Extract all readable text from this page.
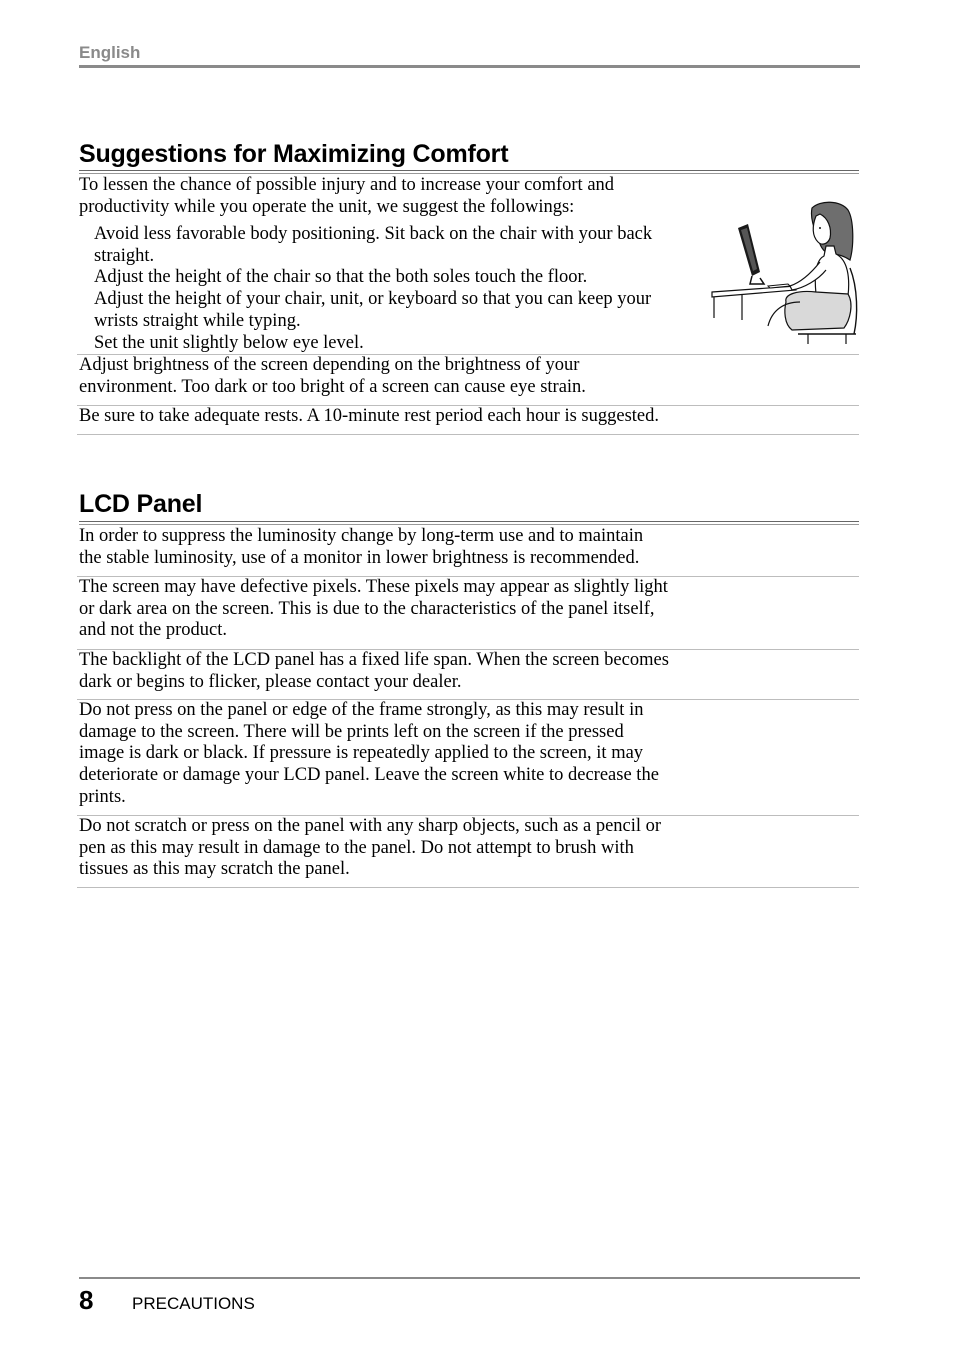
English
Suggestions for Maximizing Comfort
To lessen the chance of possible injury and to increase your comfort and
productivity while you operate the unit, we suggest the followings:
Avoid less favorable body positioning. Sit back on the chair with your back
straight.
Adjust the height of the chair so that the both soles touch the floor.
Adjust the height of your chair, unit, or keyboard so that you can keep your
wrists straight while typing.
Set the unit slightly below eye level.
Adjust brightness of the screen depending on the brightness of your
environment. Too dark or too bright of a screen can cause eye strain.
Be sure to take adequate rests. A 10-minute rest period each hour is suggested.
LCD Panel
In order to suppress the luminosity change by long-term use and to maintain
the stable luminosity, use of a monitor in lower brightness is recommended.
The screen may have defective pixels. These pixels may appear as slightly light
or dark area on the screen. This is due to the characteristics of the panel itself,
and not the product.
The backlight of the LCD panel has a fixed life span. When the screen becomes
dark or begins to flicker, please contact your dealer.
Do not press on the panel or edge of the frame strongly, as this may result in
damage to the screen. There will be prints left on the screen if the pressed
image is dark or black. If pressure is repeatedly applied to the screen, it may
deteriorate or damage your LCD panel. Leave the screen white to decrease the
prints.
Do not scratch or press on the panel with any sharp objects, such as a pencil or
pen as this may result in damage to the panel. Do not attempt to brush with
tissues as this may scratch the panel.
8 PRECAUTIONS
